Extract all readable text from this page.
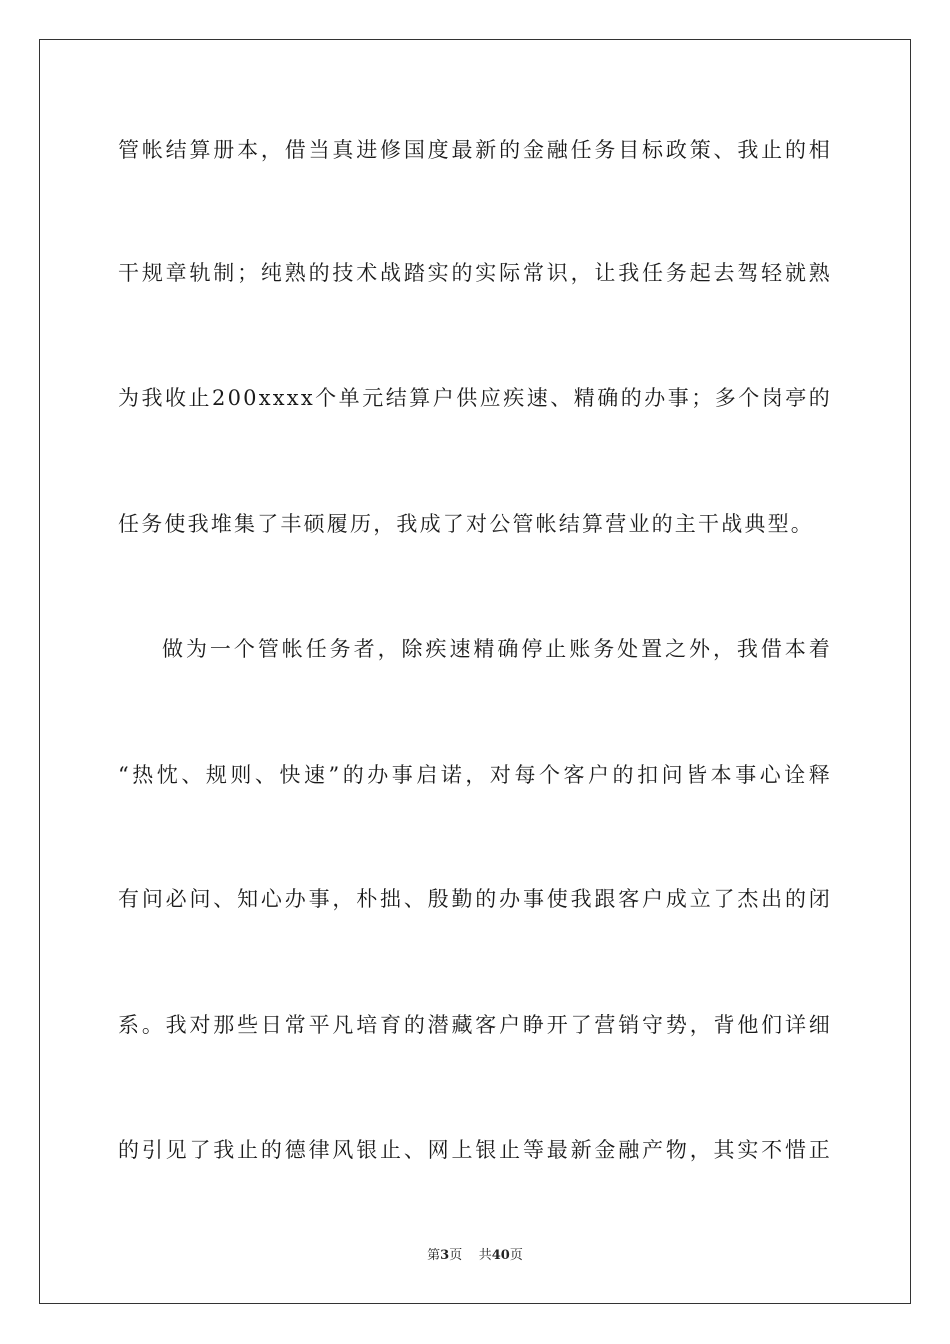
管帐结算册本，借当真进修国度最新的金融任务目标政策、我止的相
干规章轨制；纯熟的技术战踏实的实际常识，让我任务起去驾轻就熟
为我收止200xxxx个单元结算户供应疾速、精确的办事；多个岗亭的
任务使我堆集了丰硕履历，我成了对公管帐结算营业的主干战典型。
做为一个管帐任务者，除疾速精确停止账务处置之外，我借本着
“热忱、规则、快速”的办事启诺，对每个客户的扣问皆本事心诠释
有问必问、知心办事，朴拙、殷勤的办事使我跟客户成立了杰出的闭
系。我对那些日常平凡培育的潜藏客户睁开了营销守势，背他们详细
的引见了我止的德律风银止、网上银止等最新金融产物，其实不惜正
第3页 共40页
